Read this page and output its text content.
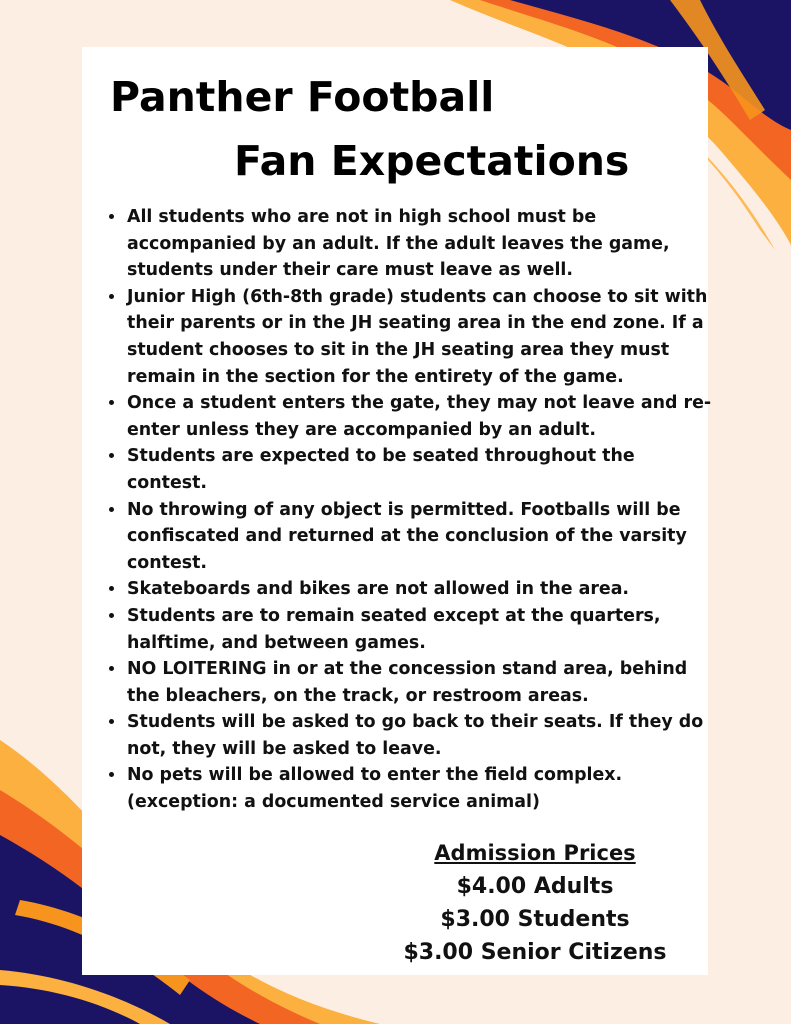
Panther Football
Fan Expectations
• All students who are not in high school must be accompanied by an adult. If the adult leaves the game, students under their care must leave as well.
• Junior High (6th-8th grade) students can choose to sit with their parents or in the JH seating area in the end zone. If a student chooses to sit in the JH seating area they must remain in the section for the entirety of the game.
• Once a student enters the gate, they may not leave and re-enter unless they are accompanied by an adult.
• Students are expected to be seated throughout the contest.
• No throwing of any object is permitted. Footballs will be confiscated and returned at the conclusion of the varsity contest.
• Skateboards and bikes are not allowed in the area.
• Students are to remain seated except at the quarters, halftime, and between games.
• NO LOITERING in or at the concession stand area, behind the bleachers, on the track, or restroom areas.
• Students will be asked to go back to their seats. If they do not, they will be asked to leave.
• No pets will be allowed to enter the field complex. (exception: a documented service animal)
Admission Prices
$4.00 Adults
$3.00 Students
$3.00 Senior Citizens
